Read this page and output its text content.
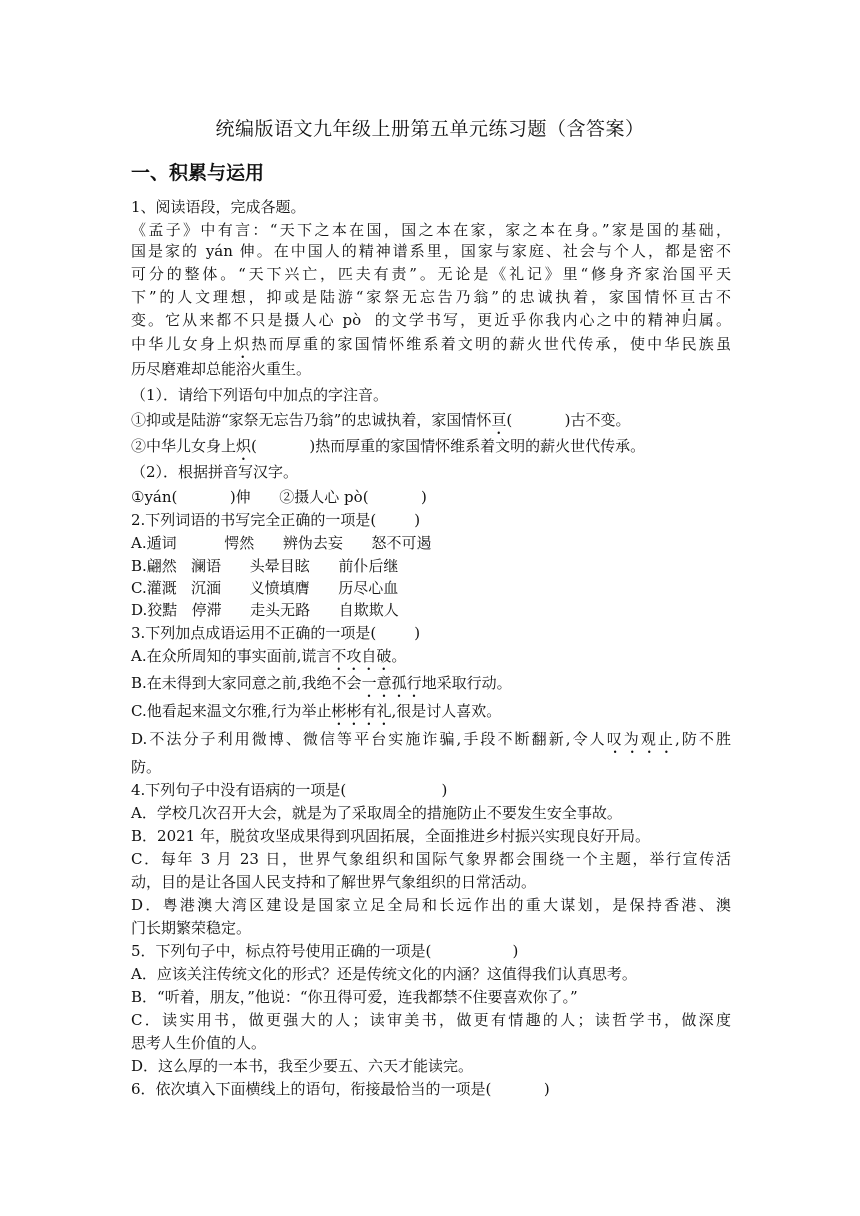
统编版语文九年级上册第五单元练习题（含答案）
一、积累与运用
1、阅读语段，完成各题。
《孟子》中有言：“天下之本在国，国之本在家，家之本在身。”家是国的基础，
国是家的 yán 伸。在中国人的精神谱系里，国家与家庭、社会与个人，都是密不
可分的整体。“天下兴亡，匹夫有责”。无论是《礼记》里“修身齐家治国平天
下”的人文理想，抑或是陆游“家祭无忘告乃翁”的忠诚执着，家国情怀亘古不
变。它从来都不只是摄人心 pò  的文学书写，更近乎你我内心之中的精神归属。
中华儿女身上炽热而厚重的家国情怀维系着文明的薪火世代传承，使中华民族虽
历尽磨难却总能浴火重生。
（1）．请给下列语句中加点的字注音。
①抑或是陆游“家祭无忘告乃翁”的忠诚执着，家国情怀亘(           )古不变。
②中华儿女身上炽(           )热而厚重的家国情怀维系着文明的薪火世代传承。
（2）．根据拼音写汉字。
①yán(           )伸      ②摄人心 pò(           )
2.下列词语的书写完全正确的一项是(        )
A.遁词          愕然      辨伪去妄      怒不可遏
B.翩然   澜语      头晕目眩      前仆后继
C.灌溉   沉湎      义愤填膺      历尽心血
D.狡黠   停滞      走头无路      自欺欺人
3.下列加点成语运用不正确的一项是(        )
A.在众所周知的事实面前,谎言不攻自破。
B.在未得到大家同意之前,我绝不会一意孤行地采取行动。
C.他看起来温文尔雅,行为举止彬彬有礼,很是讨人喜欢。
D.不法分子利用微博、微信等平台实施诈骗,手段不断翻新,令人叹为观止,防不胜
防。
4.下列句子中没有语病的一项是(                    )
A．学校几次召开大会，就是为了采取周全的措施防止不要发生安全事故。
B．2021 年，脱贫攻坚成果得到巩固拓展，全面推进乡村振兴实现良好开局。
C．每年 3 月 23 日，世界气象组织和国际气象界都会围绕一个主题，举行宣传活
动，目的是让各国人民支持和了解世界气象组织的日常活动。
D．粤港澳大湾区建设是国家立足全局和长远作出的重大谋划，是保持香港、澳
门长期繁荣稳定。
5．下列句子中，标点符号使用正确的一项是(                 )
A．应该关注传统文化的形式？还是传统文化的内涵？这值得我们认真思考。
B．“听着，朋友，”他说：“你丑得可爱，连我都禁不住要喜欢你了。”
C．读实用书，做更强大的人；读审美书，做更有情趣的人；读哲学书，做深度
思考人生价值的人。
D．这么厚的一本书，我至少要五、六天才能读完。
6．依次填入下面横线上的语句，衔接最恰当的一项是(           )
